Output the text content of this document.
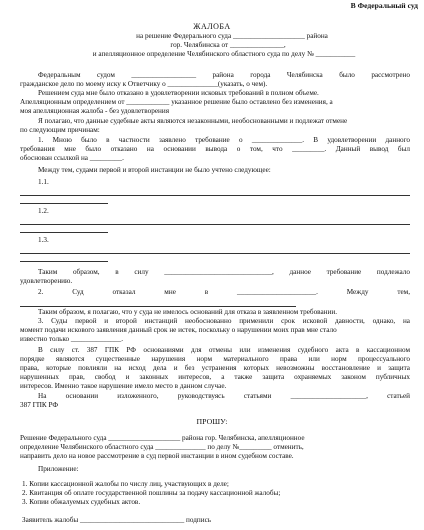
В Федеральный суд
ЖАЛОБА
на решение Федерального суда ____________________ района
гор. Челябинска от _______________,
и апелляционное определение Челябинского областного суда по делу № ___________
Федеральным судом __________________ района города Челябинска было рассмотрено
гражданское дело по моему иску к Ответчику о ______________(указать, о чем).
Решением суда мне было отказано в удовлетворении исковых требований в полном объеме.
Апелляционным определением от ____________ указанное решение было оставлено без изменения, а
моя апелляционная жалоба - без удовлетворения
Я полагаю, что данные судебные акты являются незаконными, необоснованными и подлежат отмене
по следующим причинам:
1. Мною было в частности заявлено требование о ______________. В удовлетворении данного
требования мне было отказано на основании вывода о том, что _________. Данный вывод был
обоснован ссылкой на _________.
Между тем, судами первой и второй инстанции не было учтено следующее:
1.1.
1.2.
1.3.
Таким образом, в силу ______________________________, данное требование подлежало
удовлетворению.
2. Суд отказал мне в ______________________. Между тем,
Таким образом, я полагаю, что у суда не имелось оснований для отказа в заявленном требовании.
3. Суды первой и второй инстанций необоснованно применили срок исковой давности, однако, на
момент подачи искового заявления данный срок не истек, поскольку о нарушении моих прав мне стало
известно только ______________.
В силу ст. 387 ГПК РФ основаниями для отмены или изменения судебного акта в кассационном
порядке являются существенные нарушения норм материального права или норм процессуального
права, которые повлияли на исход дела и без устранения которых невозможны восстановление и защита
нарушенных прав, свобод и законных интересов, а также защита охраняемых законом публичных
интересов. Именно такое нарушение имело место в данном случае.
На основании изложенного, руководствуясь статьями _____________________, статьей
387 ГПК РФ
ПРОШУ:
Решение Федерального суда ____________________ района гор. Челябинска, апелляционное
определение Челябинского областного суда ______________ по делу №_________ отменить,
направить дело на новое рассмотрение в суд первой инстанции в ином судебном составе.
Приложение:
1. Копии кассационной жалобы по числу лиц, участвующих в деле;
2. Квитанция об оплате государственной пошлины за подачу кассационной жалобы;
3. Копии обжалуемых судебных актов.
Заявитель жалобы _____________________________ подпись
